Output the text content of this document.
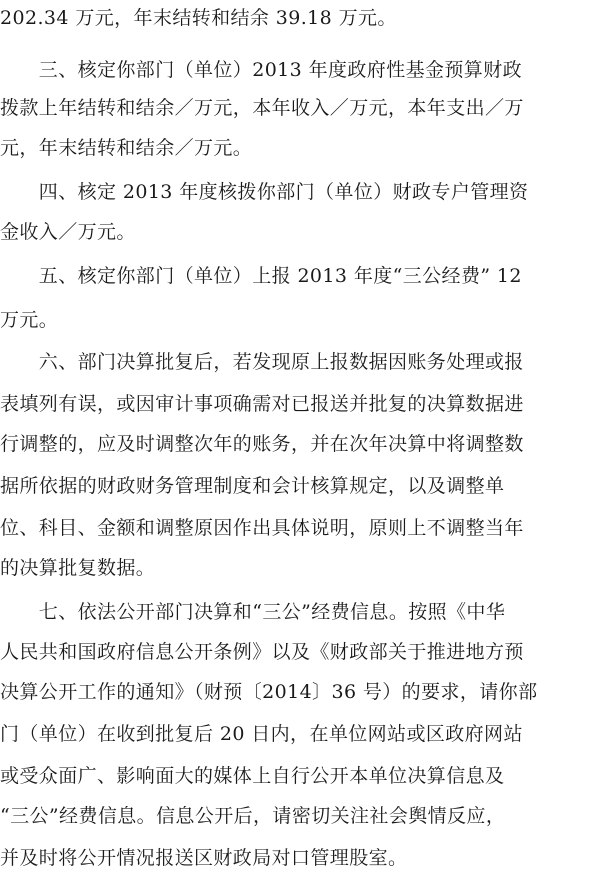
202.34 万元，年末结转和结余 39.18 万元。
　　三、核定你部门（单位）2013 年度政府性基金预算财政
拨款上年结转和结余／万元，本年收入／万元，本年支出／万
元，年末结转和结余／万元。
　　四、核定 2013 年度核拨你部门（单位）财政专户管理资
金收入／万元。
　　五、核定你部门（单位）上报 2013 年度“三公经费” 12
万元。
　　六、部门决算批复后，若发现原上报数据因账务处理或报
表填列有误，或因审计事项确需对已报送并批复的决算数据进
行调整的，应及时调整次年的账务，并在次年决算中将调整数
据所依据的财政财务管理制度和会计核算规定，以及调整单
位、科目、金额和调整原因作出具体说明，原则上不调整当年
的决算批复数据。
　　七、依法公开部门决算和“三公”经费信息。按照《中华
人民共和国政府信息公开条例》以及《财政部关于推进地方预
决算公开工作的通知》（财预〔2014〕36 号）的要求，请你部
门（单位）在收到批复后 20 日内，在单位网站或区政府网站
或受众面广、影响面大的媒体上自行公开本单位决算信息及
“三公”经费信息。信息公开后，请密切关注社会舆情反应，
并及时将公开情况报送区财政局对口管理股室。
